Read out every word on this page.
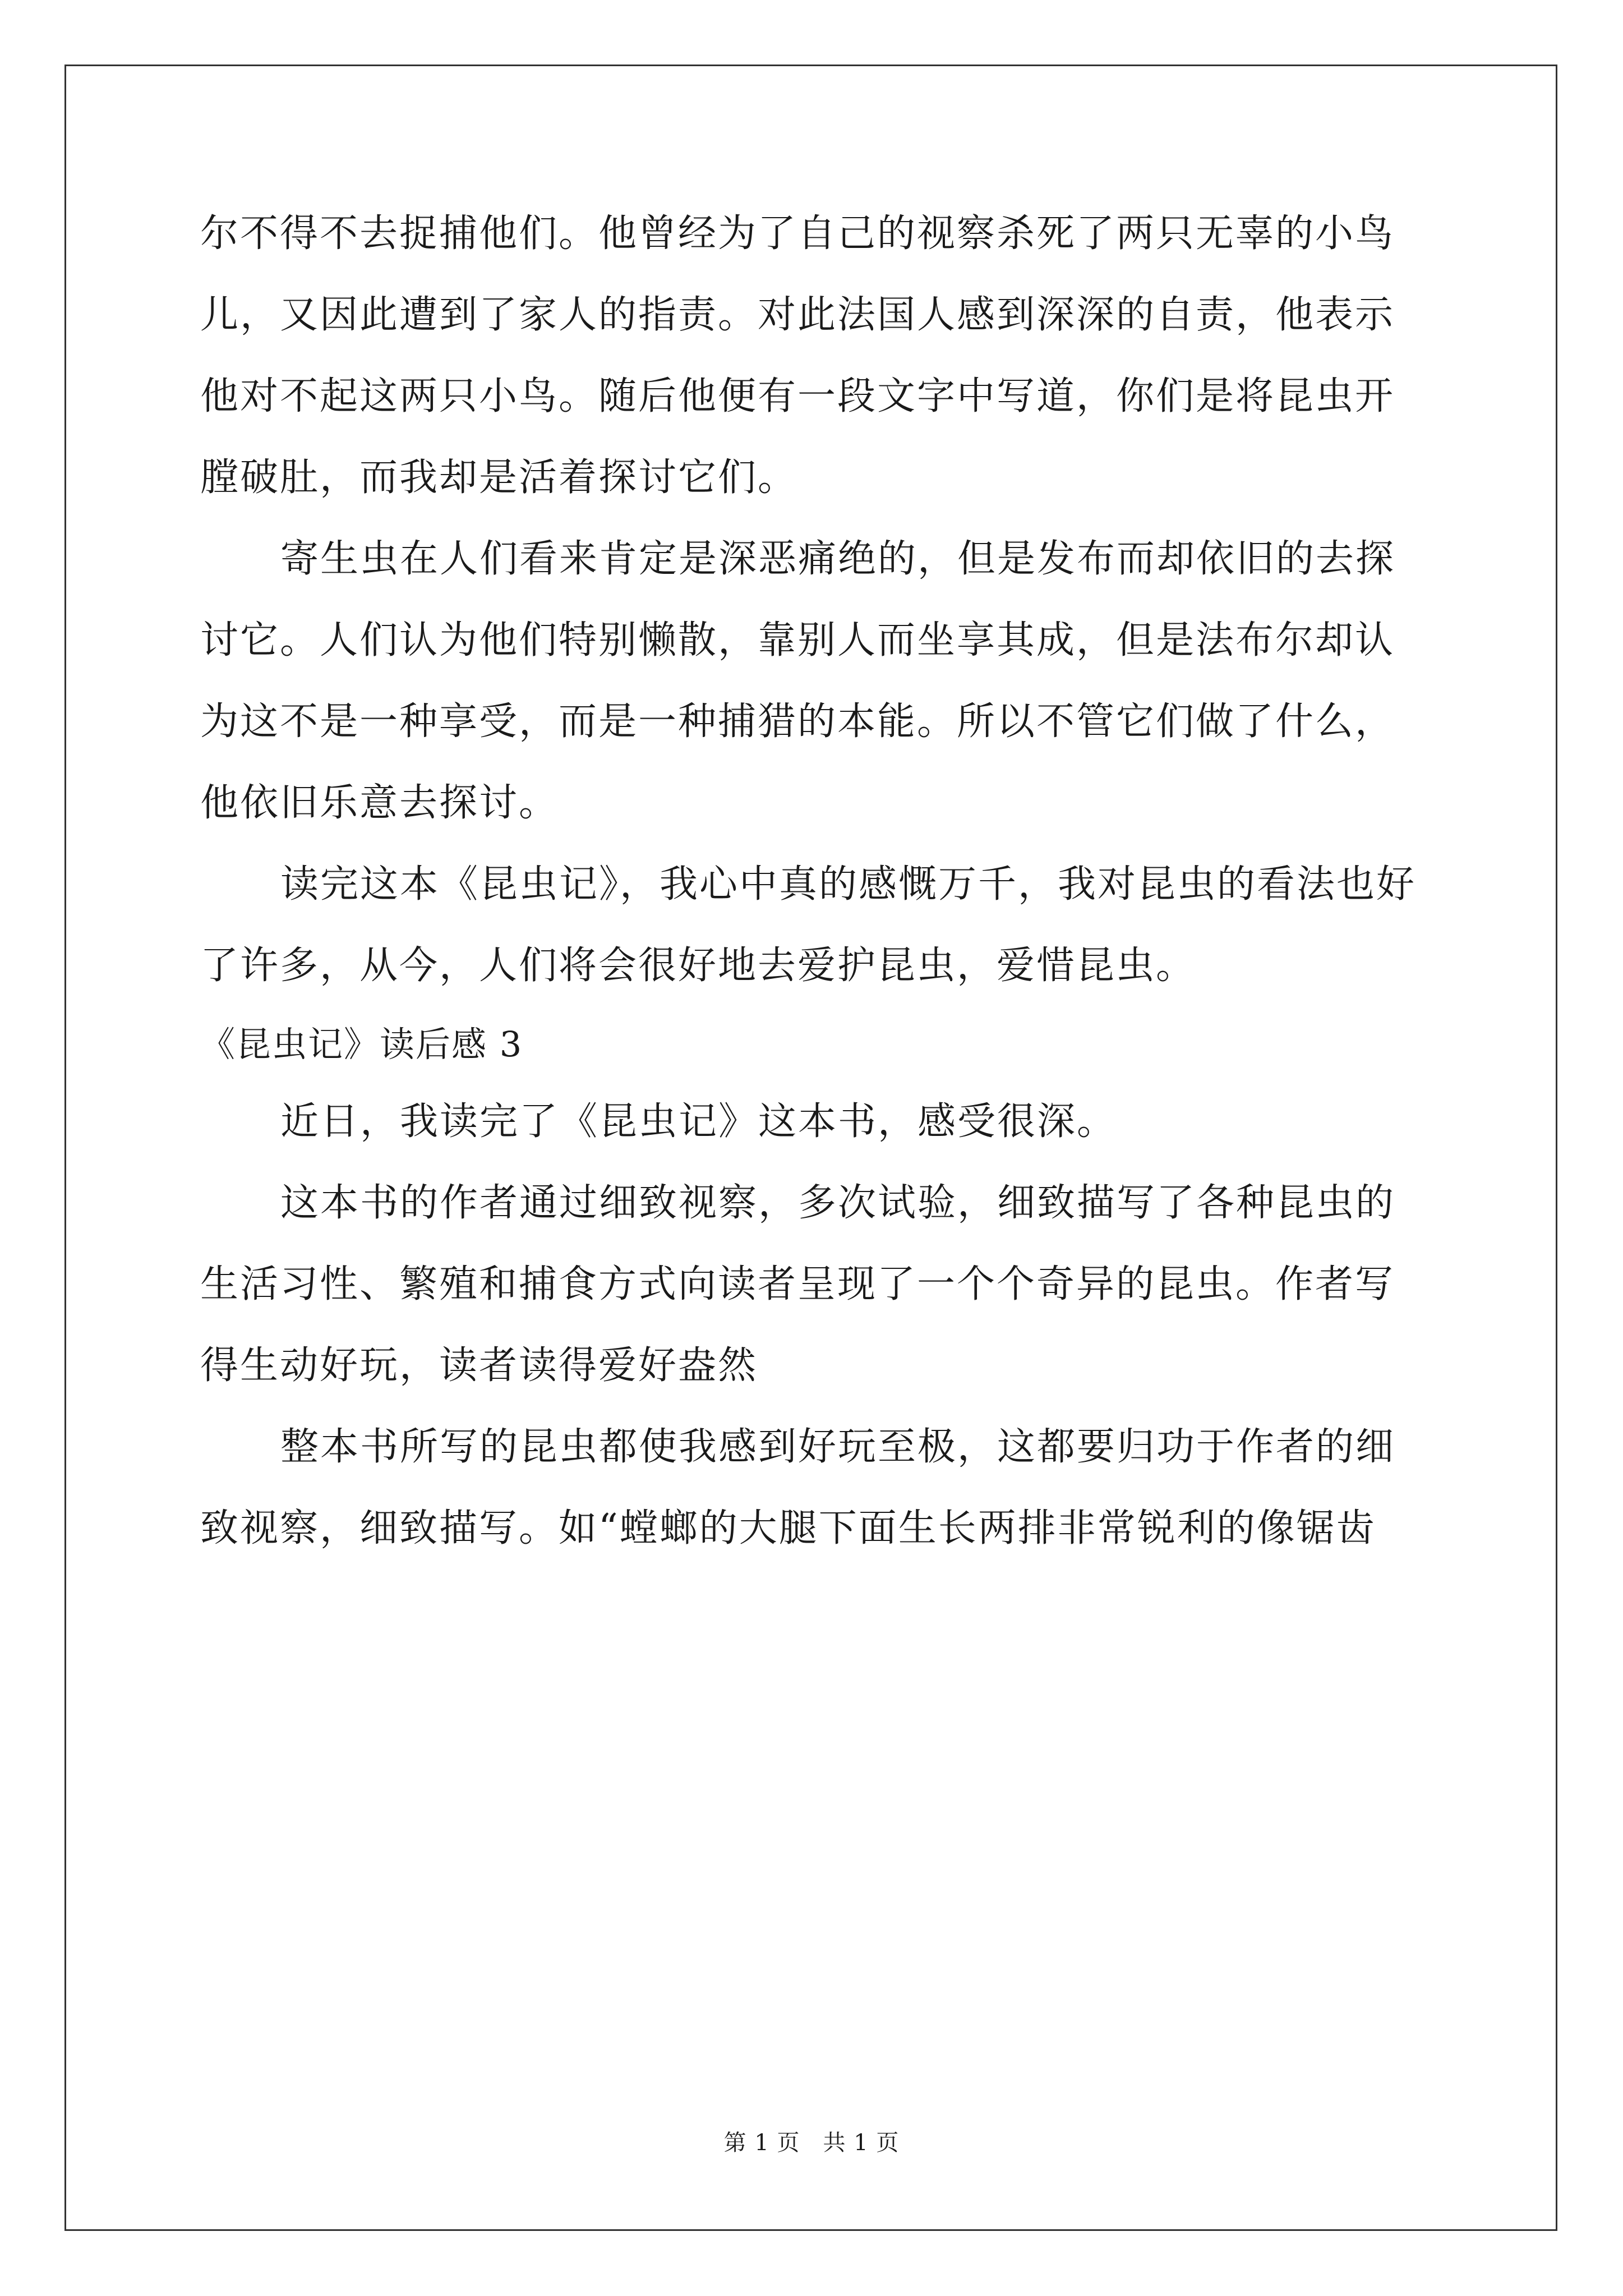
尔不得不去捉捕他们。他曾经为了自己的视察杀死了两只无辜的小鸟
儿，又因此遭到了家人的指责。对此法国人感到深深的自责，他表示
他对不起这两只小鸟。随后他便有一段文字中写道，你们是将昆虫开
膛破肚，而我却是活着探讨它们。
寄生虫在人们看来肯定是深恶痛绝的，但是发布而却依旧的去探
讨它。人们认为他们特别懒散，靠别人而坐享其成，但是法布尔却认
为这不是一种享受，而是一种捕猎的本能。所以不管它们做了什么，
他依旧乐意去探讨。
读完这本《昆虫记》，我心中真的感慨万千，我对昆虫的看法也好
了许多，从今，人们将会很好地去爱护昆虫，爱惜昆虫。
《昆虫记》读后感 3
近日，我读完了《昆虫记》这本书，感受很深。
这本书的作者通过细致视察，多次试验，细致描写了各种昆虫的
生活习性、繁殖和捕食方式向读者呈现了一个个奇异的昆虫。作者写
得生动好玩，读者读得爱好盎然
整本书所写的昆虫都使我感到好玩至极，这都要归功于作者的细
致视察，细致描写。如“螳螂的大腿下面生长两排非常锐利的像锯齿
第 1 页　共 1 页
